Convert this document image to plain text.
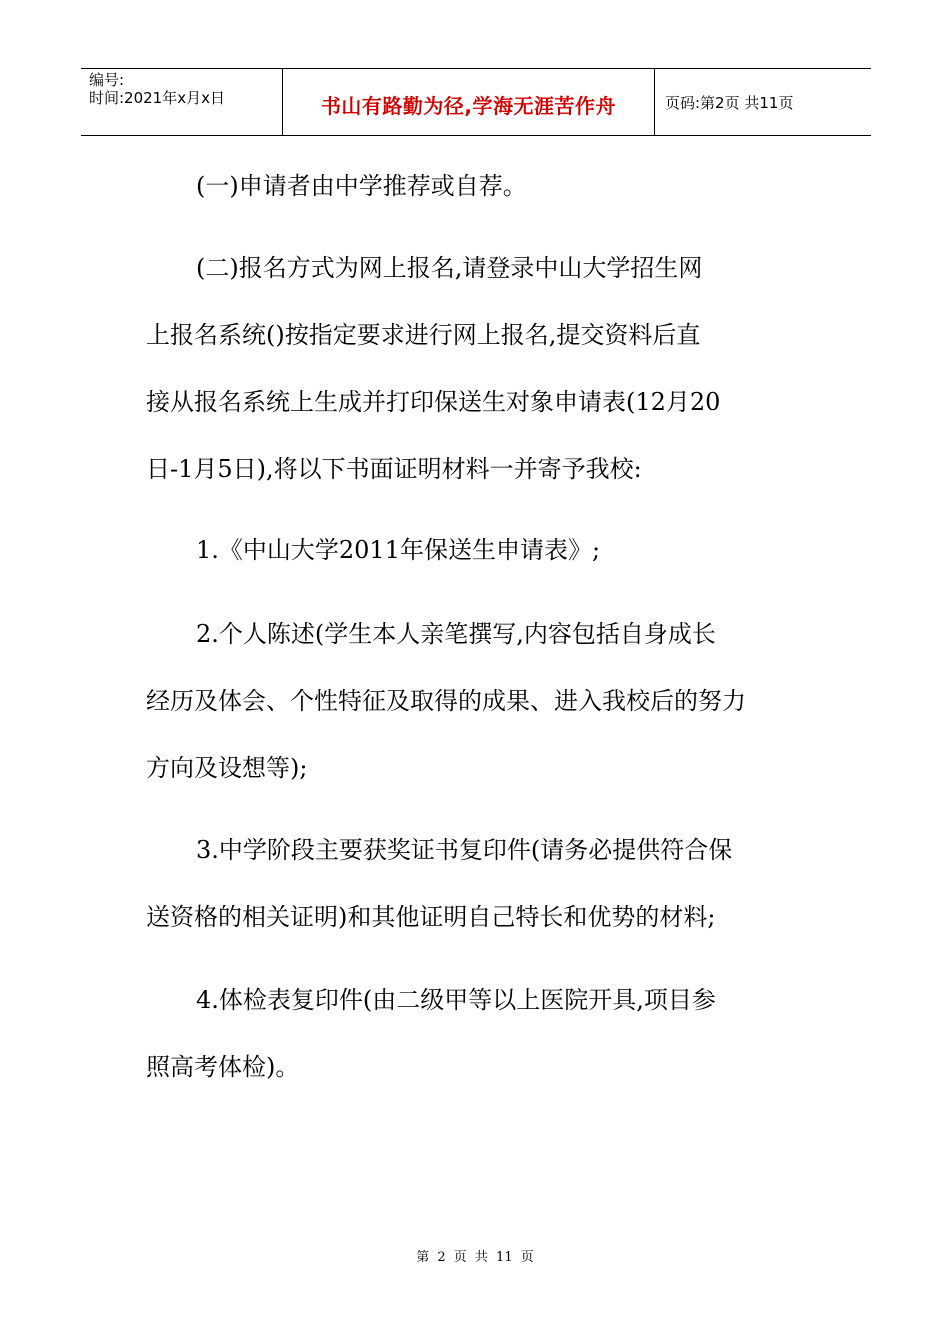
编号:
时间:2021年x月x日	书山有路勤为径,学海无涯苦作舟	页码:第2页 共11页

(一)申请者由中学推荐或自荐。

(二)报名方式为网上报名,请登录中山大学招生网

上报名系统()按指定要求进行网上报名,提交资料后直

接从报名系统上生成并打印保送生对象申请表(12月20

日-1月5日),将以下书面证明材料一并寄予我校:

1.《中山大学2011年保送生申请表》;

2.个人陈述(学生本人亲笔撰写,内容包括自身成长

经历及体会、个性特征及取得的成果、进入我校后的努力

方向及设想等);

3.中学阶段主要获奖证书复印件(请务必提供符合保

送资格的相关证明)和其他证明自己特长和优势的材料;

4.体检表复印件(由二级甲等以上医院开具,项目参

照高考体检)。

第 2 页 共 11 页
